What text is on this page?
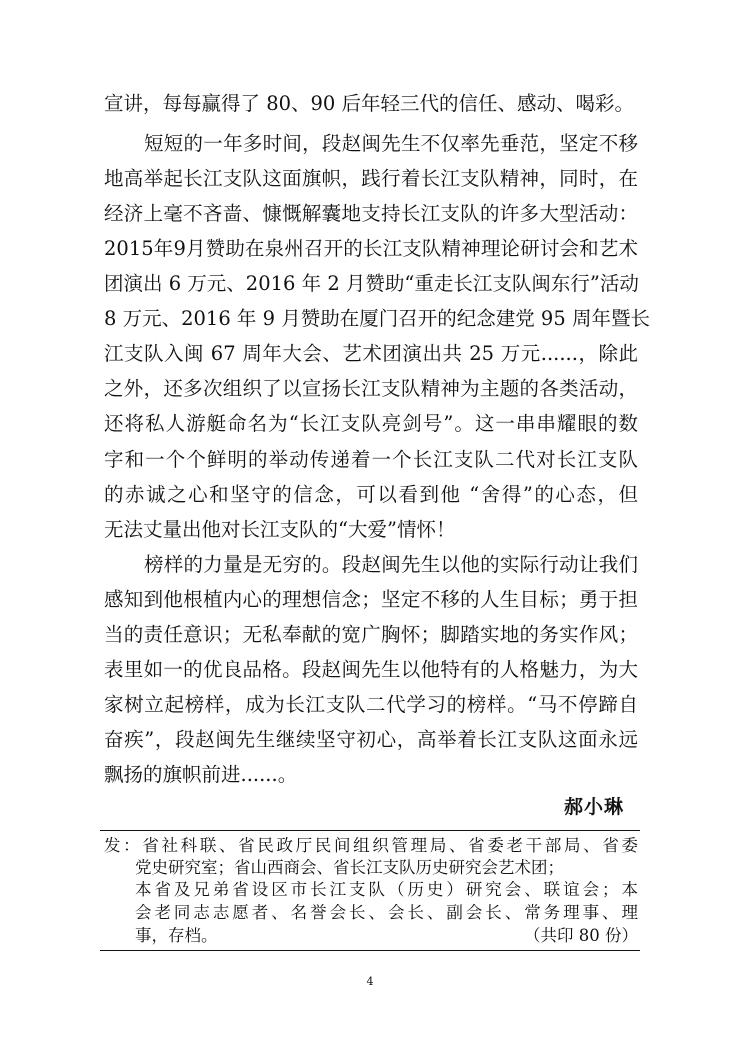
宣讲，每每赢得了 80、90 后年轻三代的信任、感动、喝彩。
短短的一年多时间，段赵闽先生不仅率先垂范，坚定不移
地高举起长江支队这面旗帜，践行着长江支队精神，同时，在
经济上毫不吝啬、慷慨解囊地支持长江支队的许多大型活动：
2015年9月赞助在泉州召开的长江支队精神理论研讨会和艺术
团演出 6 万元、2016 年 2 月赞助“重走长江支队闽东行”活动
8 万元、2016 年 9 月赞助在厦门召开的纪念建党 95 周年暨长
江支队入闽 67 周年大会、艺术团演出共 25 万元......，除此
之外，还多次组织了以宣扬长江支队精神为主题的各类活动，
还将私人游艇命名为“长江支队亮剑号”。这一串串耀眼的数
字和一个个鲜明的举动传递着一个长江支队二代对长江支队
的赤诚之心和坚守的信念，可以看到他 “舍得”的心态，但
无法丈量出他对长江支队的“大爱”情怀！
榜样的力量是无穷的。段赵闽先生以他的实际行动让我们
感知到他根植内心的理想信念；坚定不移的人生目标；勇于担
当的责任意识；无私奉献的宽广胸怀；脚踏实地的务实作风；
表里如一的优良品格。段赵闽先生以他特有的人格魅力，为大
家树立起榜样，成为长江支队二代学习的榜样。“马不停蹄自
奋疾”，段赵闽先生继续坚守初心，高举着长江支队这面永远
飘扬的旗帜前进......。
郝小琳
发：省社科联、省民政厅民间组织管理局、省委老干部局、省委
党史研究室；省山西商会、省长江支队历史研究会艺术团；
本省及兄弟省设区市长江支队（历史）研究会、联谊会；本
会老同志志愿者、名誉会长、会长、副会长、常务理事、理
事，存档。	（共印 80 份）
4
